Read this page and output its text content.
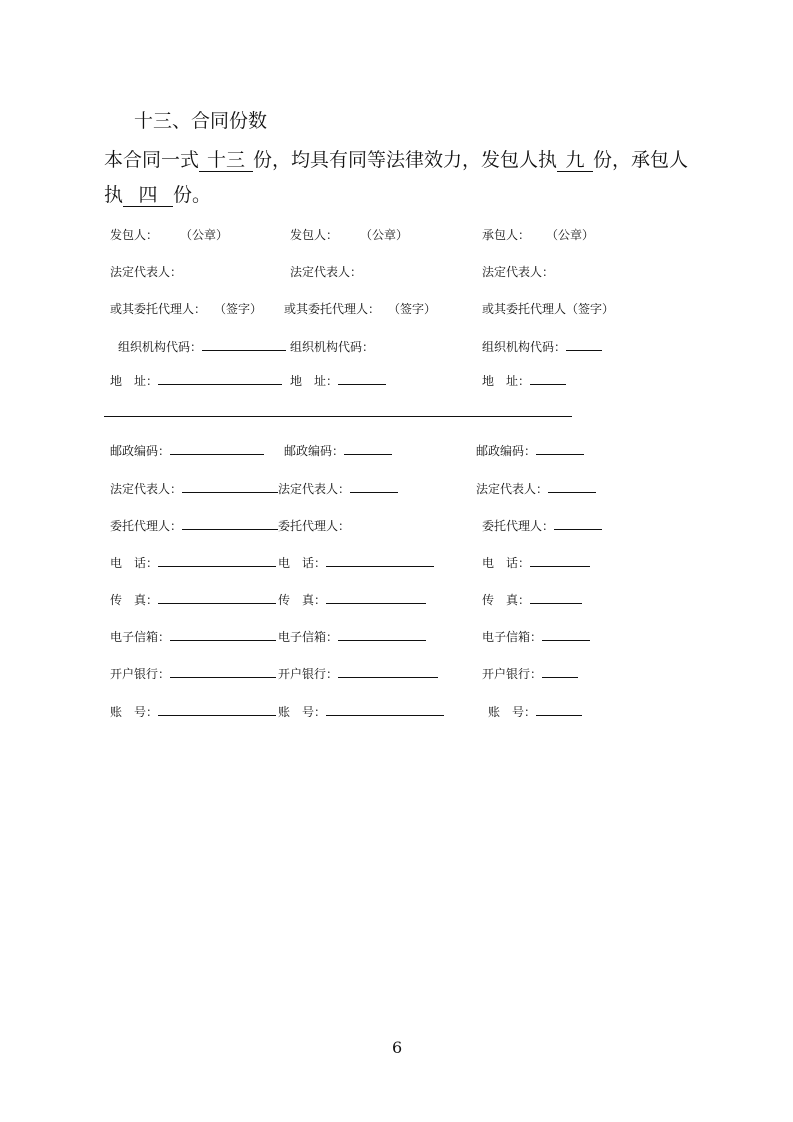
十三、合同份数
本合同一式 十三 份，均具有同等法律效力，发包人执 九 份，承包人
执 四 份。
发包人： （公章）	发包人： （公章）	承包人： （公章）
法定代表人：	法定代表人：	法定代表人：
或其委托代理人： （签字） 或其委托代理人： （签字）	或其委托代理人（签字）
组织机构代码：	组织机构代码：	组织机构代码：
地　址：	地　址：	地　址：
邮政编码：	邮政编码：	邮政编码：
法定代表人：	法定代表人：	法定代表人：
委托代理人：	委托代理人：	委托代理人：
电　话：	电　话：	电　话：
传　真：	传　真：	传　真：
电子信箱：	电子信箱：	电子信箱：
开户银行：	开户银行：	开户银行：
账　号：	账　号：	账　号：
6
